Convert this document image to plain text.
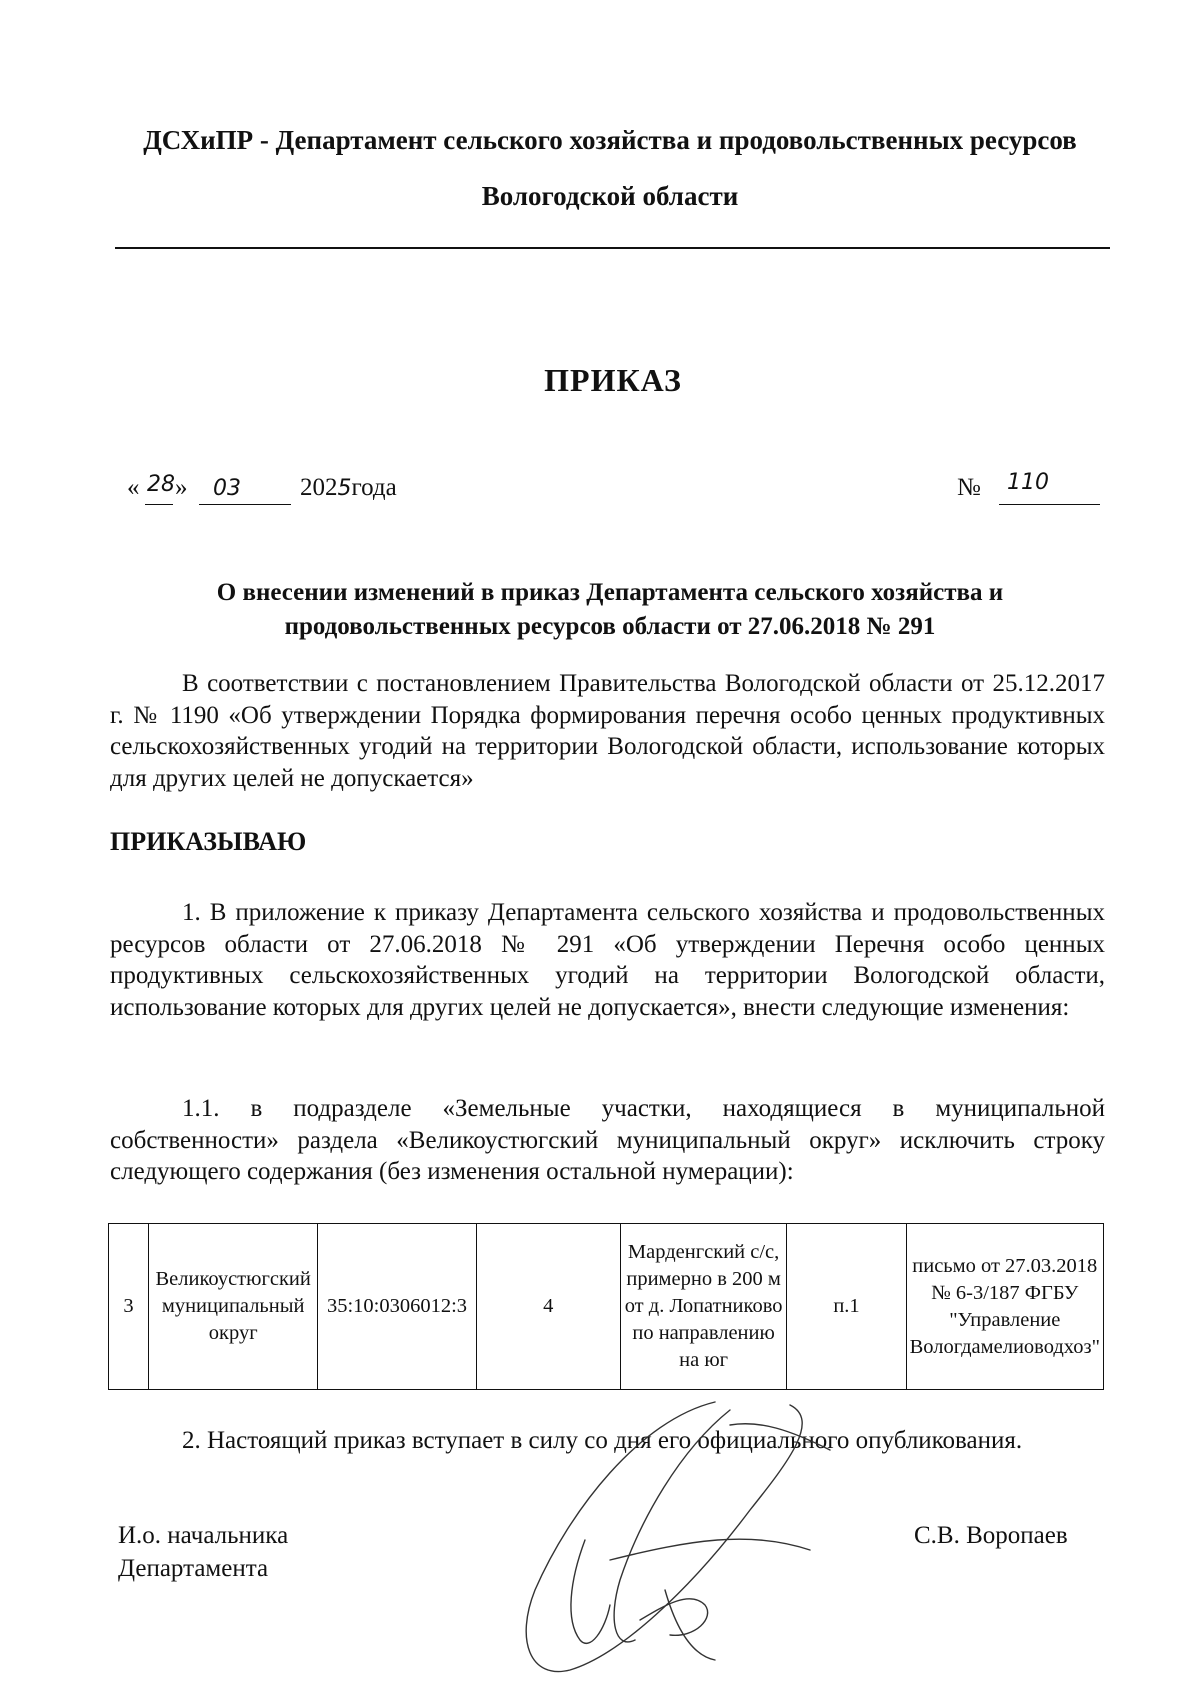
ДСХиПР - Департамент сельского хозяйства и продовольственных ресурсов
Вологодской области
ПРИКАЗ
« 28 » 03 2025года	№ 110
О внесении изменений в приказ Департамента сельского хозяйства и
продовольственных ресурсов области от 27.06.2018 № 291
В соответствии с постановлением Правительства Вологодской области от 25.12.2017 г. № 1190 «Об утверждении Порядка формирования перечня особо ценных продуктивных сельскохозяйственных угодий на территории Вологодской области, использование которых для других целей не допускается»
ПРИКАЗЫВАЮ
1. В приложение к приказу Департамента сельского хозяйства и продовольственных ресурсов области от 27.06.2018 № 291 «Об утверждении Перечня особо ценных продуктивных сельскохозяйственных угодий на территории Вологодской области, использование которых для других целей не допускается», внести следующие изменения:
1.1. в подразделе «Земельные участки, находящиеся в муниципальной собственности» раздела «Великоустюгский муниципальный округ» исключить строку следующего содержания (без изменения остальной нумерации):
3	Великоустюгский муниципальный округ	35:10:0306012:3	4	Марденгский с/с, примерно в 200 м от д. Лопатниково по направлению на юг	п.1	письмо от 27.03.2018 № 6-3/187 ФГБУ "Управление Вологдамелиоводхоз"
2. Настоящий приказ вступает в силу со дня его официального опубликования.
И.о. начальника
Департамента
С.В. Воропаев
